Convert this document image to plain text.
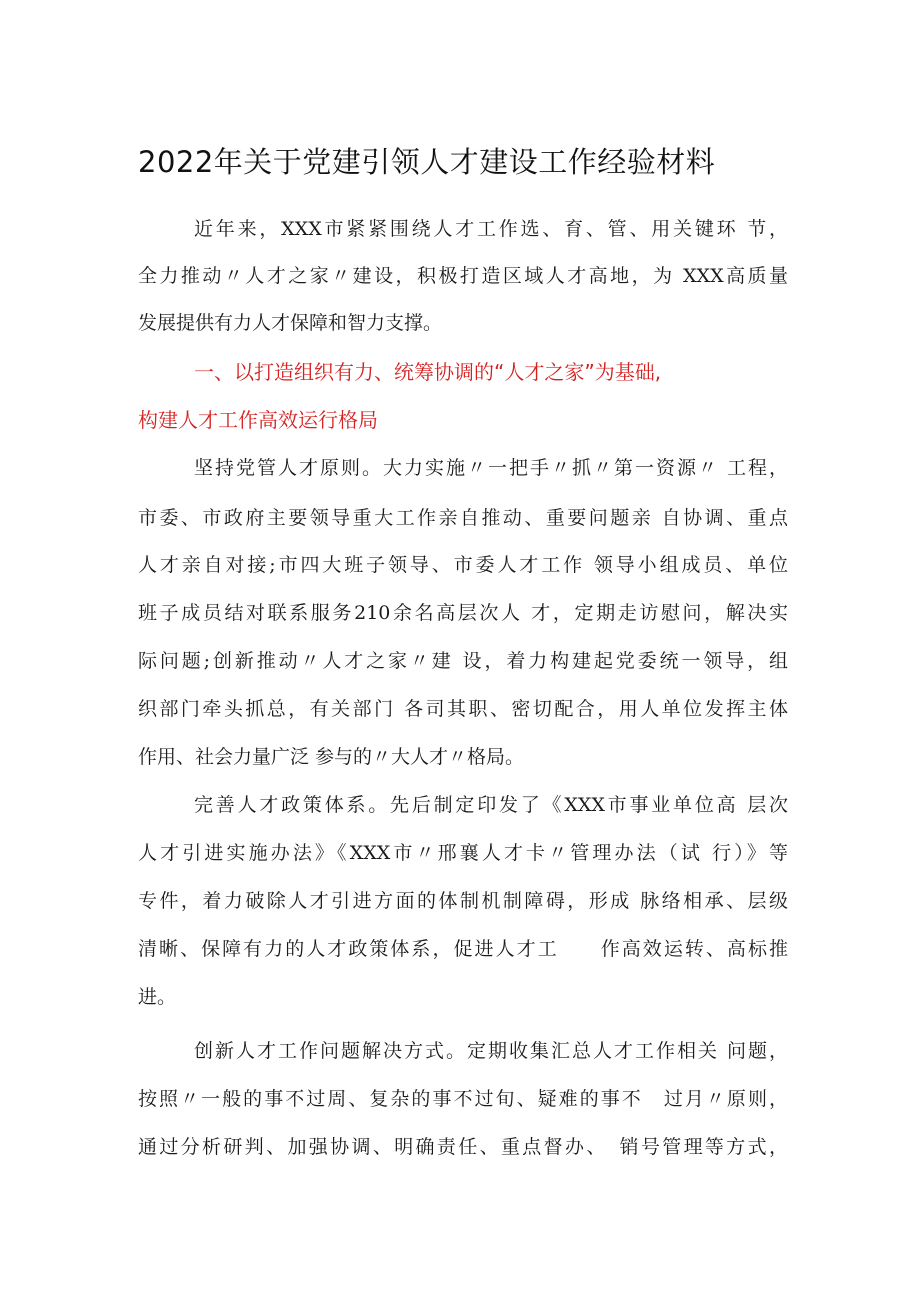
2022年关于党建引领人才建设工作经验材料
近年来，XXX市紧紧围绕人才工作选、育、管、用关键环 节，
全力推动〃人才之家〃建设，积极打造区域人才高地，为 XXX高质量
发展提供有力人才保障和智力支撑。
一、以打造组织有力、统筹协调的“人才之家”为基础,
构建人才工作高效运行格局
坚持党管人才原则。大力实施〃一把手〃抓〃第一资源〃 工程，
市委、市政府主要领导重大工作亲自推动、重要问题亲 自协调、重点
人才亲自对接;市四大班子领导、市委人才工作 领导小组成员、单位
班子成员结对联系服务210余名高层次人 才，定期走访慰问，解决实
际问题;创新推动〃人才之家〃建 设，着力构建起党委统一领导，组
织部门牵头抓总，有关部门 各司其职、密切配合，用人单位发挥主体
作用、社会力量广泛 参与的〃大人才〃格局。
完善人才政策体系。先后制定印发了《XXX市事业单位高 层次
人才引进实施办法》《XXX市〃邢襄人才卡〃管理办法（试 行）》等
专件，着力破除人才引进方面的体制机制障碍，形成 脉络相承、层级
清晰、保障有力的人才政策体系，促进人才工　　作高效运转、高标推
进。
创新人才工作问题解决方式。定期收集汇总人才工作相关 问题，
按照〃一般的事不过周、复杂的事不过旬、疑难的事不　过月〃原则，
通过分析研判、加强协调、明确责任、重点督办、　销号管理等方式，
